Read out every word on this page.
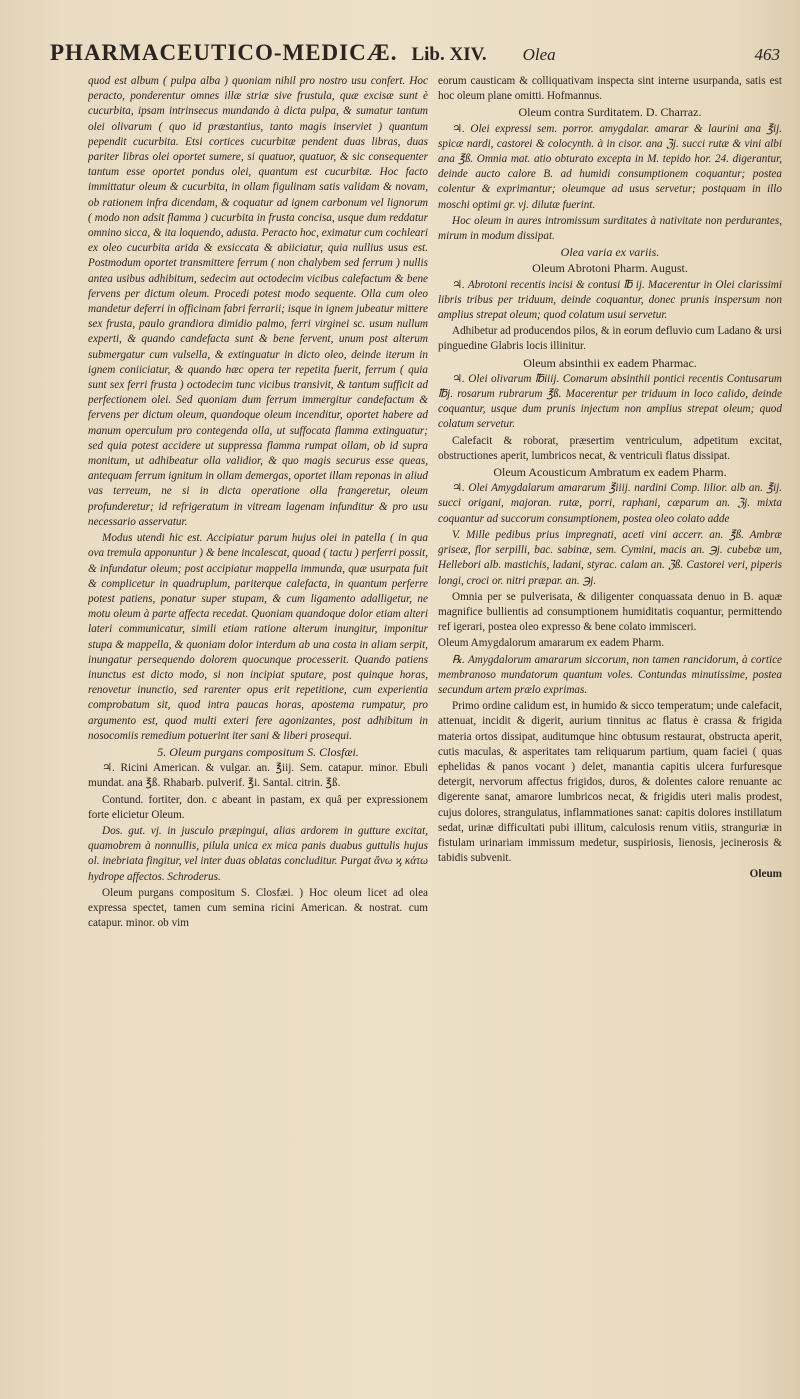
PHARMACEUTICO-MEDICÆ. Lib. XIV. Olea	463

quod est album ( pulpa alba ) quoniam nihil pro nostro usu confert. Hoc peracto, ponderentur omnes illæ striæ sive frustula, quæ excisæ sunt è cucurbita, ipsam intrinsecus mundando à dicta pulpa, & sumatur tantum olei olivarum ( quo id præstantius, tanto magis inserviet ) quantum pependit cucurbita. Etsi cortices cucurbitæ pendent duas libras, duas pariter libras olei oportet sumere, si quatuor, quatuor, & sic consequenter tantum esse oportet pondus olei, quantum est cucurbitæ. Hoc facto immittatur oleum & cucurbita, in ollam figulinam satis validam & novam, ob rationem infra dicendam, & coquatur ad ignem carbonum vel lignorum ( modo non adsit flamma ) cucurbita in frusta concisa, usque dum reddatur omnino sicca, & ita loquendo, adusta. Peracto hoc, eximatur cum cochleari ex oleo cucurbita arida & exsiccata & abiiciatur, quia nullius usus est. Postmodum oportet transmittere ferrum ( non chalybem sed ferrum ) nullis antea usibus adhibitum, sedecim aut octodecim vicibus calefactum & bene fervens per dictum oleum. Procedi potest modo sequente. Olla cum oleo mandetur deferri in officinam fabri ferrarii; isque in ignem jubeatur mittere sex frusta, paulo grandiora dimidio palmo, ferri virginei sc. usum nullum experti, & quando candefacta sunt & bene fervent, unum post alterum submergatur cum vulsella, & extinguatur in dicto oleo, deinde iterum in ignem coniiciatur, & quando hæc opera ter repetita fuerit, ferrum ( quia sunt sex ferri frusta ) octodecim tunc vicibus transivit, & tantum sufficit ad perfectionem olei. Sed quoniam dum ferrum immergitur candefactum & fervens per dictum oleum, quandoque oleum incenditur, oportet habere ad manum operculum pro contegenda olla, ut suffocata flamma extinguatur; sed quia potest accidere ut suppressa flamma rumpat ollam, ob id supra monitum, ut adhibeatur olla validior, & quo magis securus esse queas, antequam ferrum ignitum in ollam demergas, oportet illam reponas in aliud vas terreum, ne si in dicta operatione olla frangeretur, oleum profunderetur; id refrigeratum in vitream lagenam infunditur & pro usu necessario asservatur.

Modus utendi hic est. Accipiatur parum hujus olei in patella ( in qua ova tremula apponuntur ) & bene incalescat, quoad ( tactu ) perferri possit, & infundatur oleum; post accipiatur mappella immunda, quæ usurpata fuit & complicetur in quadruplum, pariterque calefacta, in quantum perferre potest patiens, ponatur super stupam, & cum ligamento adalligetur, ne motu oleum à parte affecta recedat. Quoniam quandoque dolor etiam alteri lateri communicatur, simili etiam ratione alterum inungitur, imponitur stupa & mappella, & quoniam dolor interdum ab una costa in aliam serpit, inungatur persequendo dolorem quocunque processerit. Quando patiens inunctus est dicto modo, si non incipiat sputare, post quinque horas, renovetur inunctio, sed rarenter opus erit repetitione, cum experientia comprobatum sit, quod intra paucas horas, apostema rumpatur, pro argumento est, quod multi exteri fere agonizantes, post adhibitum in nosocomiis remedium potuerint iter sani & liberi prosequi.

5. Oleum purgans compositum S. Closfæi.

♃. Ricini American. & vulgar. an. ℥iij. Sem. catapur. minor. Ebuli mundat. ana ℥ß. Rhabarb. pulverif. ℥i. Santal. citrin. ℥ß.

Contund. fortiter, don. c abeant in pastam, ex quâ per expressionem forte elicietur Oleum.

Dos. gut. vj. in jusculo præpingui, alias ardorem in gutture excitat, quamobrem à nonnullis, pilula unica ex mica panis duabus guttulis hujus ol. inebriata fingitur, vel inter duas oblatas concluditur. Purgat ἄνω ϗ κάτω hydrope affectos. Schroderus.

Oleum purgans compositum S. Closfæi. ) Hoc oleum licet ad olea expressa spectet, tamen cum semina ricini American. & nostrat. cum catapur. minor. ob vim

eorum causticam & colliquativam inspecta sint interne usurpanda, satis est hoc oleum plane omitti. Hofmannus.

Oleum contra Surditatem. D. Charraz.

♃. Olei expressi sem. porror. amygdalar. amarar & laurini ana ℥ij. spicæ nardi, castorei & colocynth. à in cisor. ana ℨj. succi rutæ & vini albi ana ℥ß. Omnia mat. atio obturato excepta in M. tepido hor. 24. digerantur, deinde aucto calore B. ad humidi consumptionem coquantur; postea colentur & exprimantur; oleumque ad usus servetur; postquam in illo moschi optimi gr. vj. dilutæ fuerint.

Hoc oleum in aures intromissum surditates à nativitate non perdurantes, mirum in modum dissipat.

Olea varia ex variis.

Oleum Abrotoni Pharm. August.

♃. Abrotoni recentis incisi & contusi ℔ ij. Macerentur in Olei clarissimi libris tribus per triduum, deinde coquantur, donec prunis inspersum non amplius strepat oleum; quod colatum usui servetur.

Adhibetur ad producendos pilos, & in eorum defluvio cum Ladano & ursi pinguedine Glabris locis illinitur.

Oleum absinthii ex eadem Pharmac.

♃. Olei olivarum ℔iiij. Comarum absinthii pontici recentis Contusarum ℔j. rosarum rubrarum ℥ß. Macerentur per triduum in loco calido, deinde coquantur, usque dum prunis injectum non amplius strepat oleum; quod colatum servetur.

Calefacit & roborat, præsertim ventriculum, adpetitum excitat, obstructiones aperit, lumbricos necat, & ventriculi flatus dissipat.

Oleum Acousticum Ambratum ex eadem Pharm.

♃. Olei Amygdalarum amararum ℥iiij. nardini Comp. lilior. alb an. ℥ij. succi origani, majoran. rutæ, porri, raphani, cæparum an. ℨj. mixta coquantur ad succorum consumptionem, postea oleo colato adde

V. Mille pedibus prius impregnati, aceti vini accerr. an. ℥ß. Ambræ griseæ, flor serpilli, bac. sabinæ, sem. Cymini, macis an. ℈j. cubebæ um, Hellebori alb. mastichis, ladani, styrac. calam an. ℨß. Castorei veri, piperis longi, croci or. nitri præpar. an. ℈j.

Omnia per se pulverisata, & diligenter conquassata denuo in B. aquæ magnifice bullientis ad consumptionem humiditatis coquantur, permittendo ref igerari, postea oleo expresso & bene colato immisceri.

Oleum Amygdalorum amararum ex eadem Pharm.

℞. Amygdalorum amararum siccorum, non tamen rancidorum, à cortice membranoso mundatorum quantum voles. Contundas minutissime, postea secundum artem prælo exprimas.

Primo ordine calidum est, in humido & sicco temperatum; unde calefacit, attenuat, incidit & digerit, aurium tinnitus ac flatus è crassa & frigida materia ortos dissipat, auditumque hinc obtusum restaurat, obstructa aperit, cutis maculas, & asperitates tam reliquarum partium, quam faciei ( quas ephelidas & panos vocant ) delet, manantia capitis ulcera furfuresque detergit, nervorum affectus frigidos, duros, & dolentes calore renuante ac digerente sanat, amarore lumbricos necat, & frigidis uteri malis prodest, cujus dolores, strangulatus, inflammationes sanat: capitis dolores instillatum sedat, urinæ difficultati pubi illitum, calculosis renum vitiis, stranguriæ in fistulam urinariam immissum medetur, suspiriosis, lienosis, jecinerosis & tabidis subvenit.

Oleum
